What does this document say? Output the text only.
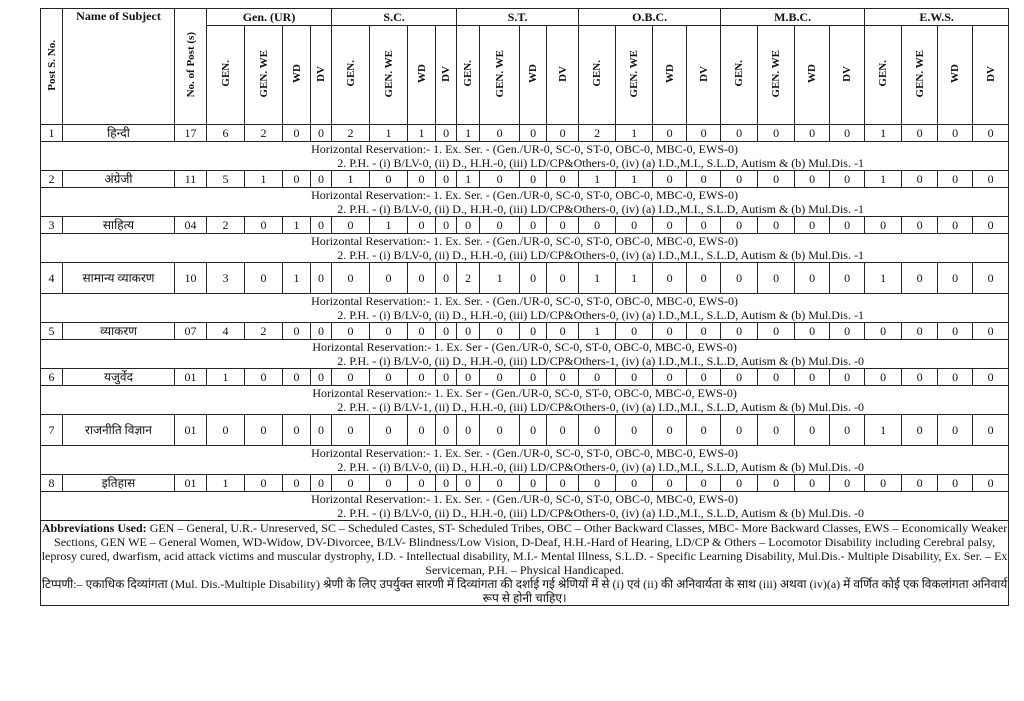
Post S. No.	Name of Subject	No. of Post (s)	Gen. (UR)				S.C.				S.T.				O.B.C.				M.B.C.				E.W.S.			
			GEN.	GEN. WE	WD	DV	GEN.	GEN. WE	WD	DV	GEN.	GEN. WE	WD	DV	GEN.	GEN. WE	WD	DV	GEN.	GEN. WE	WD	DV	GEN.	GEN. WE	WD	DV
1	हिन्दी	17	6	2	0	0	2	1	1	0	1	0	0	0	2	1	0	0	0	0	0	0	1	0	0	0

Horizontal Reservation:- 1. Ex. Ser. - (Gen./UR-0, SC-0, ST-0, OBC-0, MBC-0, EWS-0)
2. P.H. - (i) B/LV-0, (ii) D., H.H.-0, (iii) LD/CP&Others-0, (iv) (a) I.D.,M.I., S.L.D, Autism & (b) Mul.Dis. -1																										

2	अंग्रेजी	11	5	1	0	0	1	0	0	0	1	0	0	0	1	1	0	0	0	0	0	0	1	0	0	0

Horizontal Reservation:- 1. Ex. Ser. - (Gen./UR-0, SC-0, ST-0, OBC-0, MBC-0, EWS-0)
2. P.H. - (i) B/LV-0, (ii) D., H.H.-0, (iii) LD/CP&Others-0, (iv) (a) I.D.,M.I., S.L.D, Autism & (b) Mul.Dis. -1																										

3	साहित्य	04	2	0	1	0	0	1	0	0	0	0	0	0	0	0	0	0	0	0	0	0	0	0	0	0

Horizontal Reservation:- 1. Ex. Ser. - (Gen./UR-0, SC-0, ST-0, OBC-0, MBC-0, EWS-0)
2. P.H. - (i) B/LV-0, (ii) D., H.H.-0, (iii) LD/CP&Others-0, (iv) (a) I.D.,M.I., S.L.D, Autism & (b) Mul.Dis. -1																										

4	सामान्य व्याकरण	10	3	0	1	0	0	0	0	0	2	1	0	0	1	1	0	0	0	0	0	0	1	0	0	0

Horizontal Reservation:- 1. Ex. Ser. - (Gen./UR-0, SC-0, ST-0, OBC-0, MBC-0, EWS-0)
2. P.H. - (i) B/LV-0, (ii) D., H.H.-0, (iii) LD/CP&Others-0, (iv) (a) I.D.,M.I., S.L.D, Autism & (b) Mul.Dis. -1																										

5	व्याकरण	07	4	2	0	0	0	0	0	0	0	0	0	0	1	0	0	0	0	0	0	0	0	0	0	0

Horizontal Reservation:- 1. Ex. Ser - (Gen./UR-0, SC-0, ST-0, OBC-0, MBC-0, EWS-0)
2. P.H. - (i) B/LV-0, (ii) D., H.H.-0, (iii) LD/CP&Others-1, (iv) (a) I.D.,M.I., S.L.D, Autism & (b) Mul.Dis. -0																										

6	यजुर्वेद	01	1	0	0	0	0	0	0	0	0	0	0	0	0	0	0	0	0	0	0	0	0	0	0	0

Horizontal Reservation:- 1. Ex. Ser - (Gen./UR-0, SC-0, ST-0, OBC-0, MBC-0, EWS-0)
2. P.H. - (i) B/LV-1, (ii) D., H.H.-0, (iii) LD/CP&Others-0, (iv) (a) I.D.,M.I., S.L.D, Autism & (b) Mul.Dis. -0																										

7	राजनीति विज्ञान	01	0	0	0	0	0	0	0	0	0	0	0	0	0	0	0	0	0	0	0	0	1	0	0	0

Horizontal Reservation:- 1. Ex. Ser. - (Gen./UR-0, SC-0, ST-0, OBC-0, MBC-0, EWS-0)
2. P.H. - (i) B/LV-0, (ii) D., H.H.-0, (iii) LD/CP&Others-0, (iv) (a) I.D.,M.I., S.L.D, Autism & (b) Mul.Dis. -0																										

8	इतिहास	01	1	0	0	0	0	0	0	0	0	0	0	0	0	0	0	0	0	0	0	0	0	0	0	0

Horizontal Reservation:- 1. Ex. Ser. - (Gen./UR-0, SC-0, ST-0, OBC-0, MBC-0, EWS-0)
2. P.H. - (i) B/LV-0, (ii) D., H.H.-0, (iii) LD/CP&Others-0, (iv) (a) I.D.,M.I., S.L.D, Autism & (b) Mul.Dis. -0																										

Abbreviations Used: GEN – General, U.R.- Unreserved, SC – Scheduled Castes, ST- Scheduled Tribes, OBC – Other Backward Classes, MBC- More Backward Classes, EWS – Economically Weaker Sections, GEN WE – General Women, WD-Widow, DV-Divorcee, B/LV- Blindness/Low Vision, D-Deaf, H.H.-Hard of Hearing, LD/CP & Others – Locomotor Disability including Cerebral palsy, leprosy cured, dwarfism, acid attack victims and muscular dystrophy, I.D. - Intellectual disability, M.I.- Mental Illness, S.L.D. - Specific Learning Disability, Mul.Dis.- Multiple Disability, Ex. Ser. – Ex Serviceman, P.H. – Physical Handicaped.
टिप्पणी:– एकाधिक दिव्यांगता (Mul. Dis.-Multiple Disability) श्रेणी के लिए उपर्युक्त सारणी में दिव्यांगता की दर्शाई गई श्रेणियों में से (i) एवं (ii) की अनिवार्यता के साथ (iii) अथवा (iv)(a) में वर्णित कोई एक विकलांगता अनिवार्य रूप से होनी चाहिए।																										
